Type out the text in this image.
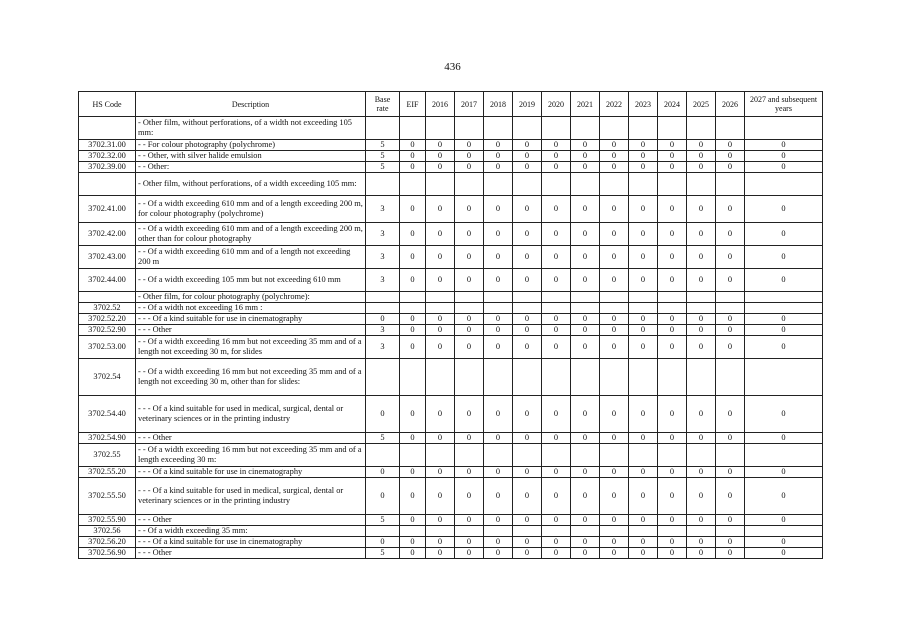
436
HS Code	Description	Base rate	EIF	2016	2017	2018	2019	2020	2021	2022	2023	2024	2025	2026	2027 and subsequent years
	- Other film, without perforations, of a width not exceeding 105 mm:														
3702.31.00	- - For colour photography (polychrome)	5	0	0	0	0	0	0	0	0	0	0	0	0	0
3702.32.00	- - Other, with silver halide emulsion	5	0	0	0	0	0	0	0	0	0	0	0	0	0
3702.39.00	- - Other:	5	0	0	0	0	0	0	0	0	0	0	0	0	0
	- Other film, without perforations, of a width exceeding 105 mm:														
3702.41.00	- - Of a width exceeding 610 mm and of a length exceeding 200 m, for colour photography (polychrome)	3	0	0	0	0	0	0	0	0	0	0	0	0	0
3702.42.00	- - Of a width exceeding 610 mm and of a length exceeding 200 m, other than for colour photography	3	0	0	0	0	0	0	0	0	0	0	0	0	0
3702.43.00	- - Of a width exceeding 610 mm and of a length not exceeding 200 m	3	0	0	0	0	0	0	0	0	0	0	0	0	0
3702.44.00	- - Of a width exceeding 105 mm but not exceeding 610 mm	3	0	0	0	0	0	0	0	0	0	0	0	0	0
	- Other film, for colour photography (polychrome):														
3702.52	- - Of a width not exceeding 16 mm :														
3702.52.20	- - - Of a kind suitable for use in cinematography	0	0	0	0	0	0	0	0	0	0	0	0	0	0
3702.52.90	- - - Other	3	0	0	0	0	0	0	0	0	0	0	0	0	0
3702.53.00	- - Of a width exceeding 16 mm but not exceeding 35 mm and of a length not exceeding 30 m, for slides	3	0	0	0	0	0	0	0	0	0	0	0	0	0
3702.54	- - Of a width exceeding 16 mm but not exceeding 35 mm and of a length not exceeding 30 m, other than for slides:														
3702.54.40	- - - Of a kind suitable for used in medical, surgical, dental or veterinary sciences or in the printing industry	0	0	0	0	0	0	0	0	0	0	0	0	0	0
3702.54.90	- - - Other	5	0	0	0	0	0	0	0	0	0	0	0	0	0
3702.55	- - Of a width exceeding 16 mm but not exceeding 35 mm and of a length exceeding 30 m:														
3702.55.20	- - - Of a kind suitable for use in cinematography	0	0	0	0	0	0	0	0	0	0	0	0	0	0
3702.55.50	- - - Of a kind suitable for used in medical, surgical, dental or veterinary sciences or in the printing industry	0	0	0	0	0	0	0	0	0	0	0	0	0	0
3702.55.90	- - - Other	5	0	0	0	0	0	0	0	0	0	0	0	0	0
3702.56	- - Of a width exceeding 35 mm:														
3702.56.20	- - - Of a kind suitable for use in cinematography	0	0	0	0	0	0	0	0	0	0	0	0	0	0
3702.56.90	- - - Other	5	0	0	0	0	0	0	0	0	0	0	0	0	0
